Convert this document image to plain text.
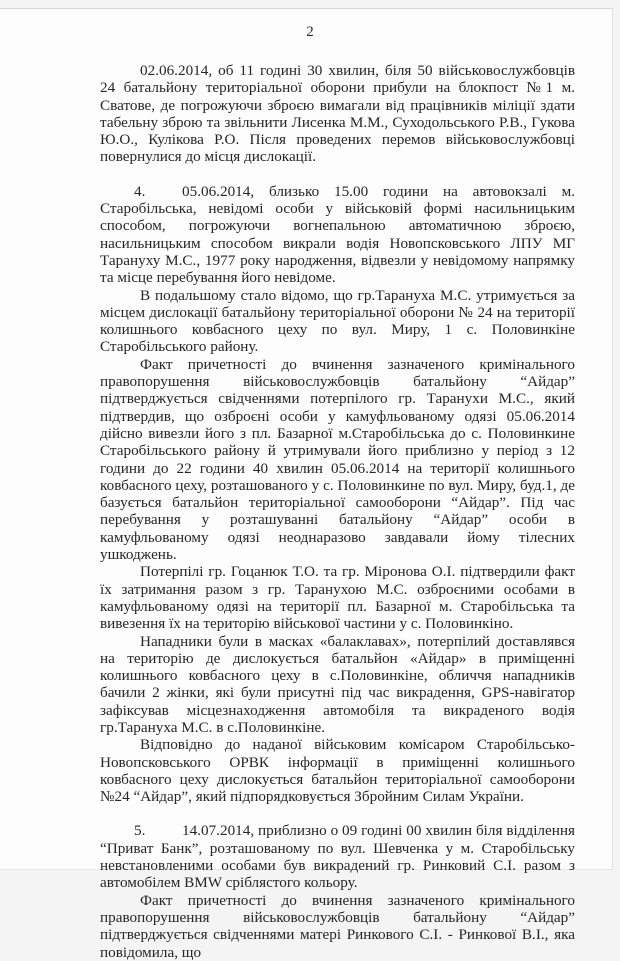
2

02.06.2014, об 11 годині 30 хвилин, біля 50 військовослужбовців 24 батальйону територіальної оборони прибули на блокпост №1 м. Сватове, де погрожуючи зброєю вимагали від працівників міліції здати табельну зброю та звільнити Лисенка М.М., Суходольського Р.В., Гукова Ю.О., Кулікова Р.О. Після проведених перемов військовослужбовці повернулися до місця дислокації.

4. 05.06.2014, близько 15.00 години на автовокзалі м. Старобільська, невідомі особи у військовій формі насильницьким способом, погрожуючи вогнепальною автоматичною зброєю, насильницьким способом викрали водія Новопсковського ЛПУ МГ Тарануху М.С., 1977 року народження, відвезли у невідомому напрямку та місце перебування його невідоме.

В подальшому стало відомо, що гр.Тарануха М.С. утримується за місцем дислокації батальйону територіальної оборони № 24 на території колишнього ковбасного цеху по вул. Миру, 1 с. Половинкіне Старобільського району.

Факт причетності до вчинення зазначеного кримінального правопорушення військовослужбовців батальйону “Айдар” підтверджується свідченнями потерпілого гр. Таранухи М.С., який підтвердив, що озброєні особи у камуфльованому одязі 05.06.2014 дійсно вивезли його з пл. Базарної м.Старобільська до с. Половинкине Старобільського району й утримували його приблизно у період з 12 години до 22 години 40 хвилин 05.06.2014 на території колишнього ковбасного цеху, розташованого у с. Половинкине по вул. Миру, буд.1, де базується батальйон територіальної самооборони “Айдар”. Під час перебування у розташуванні батальйону “Айдар” особи в камуфльованому одязі неоднаразово завдавали йому тілесних ушкоджень.

Потерпілі гр. Гоцанюк Т.О. та гр. Міронова О.І. підтвердили факт їх затримання разом з гр. Таранухою М.С. озброєними особами в камуфльованому одязі на території пл. Базарної м. Старобільська та вивезення їх на територію військової частини у с. Половинкіно.

Нападники були в масках «балаклавах», потерпілий доставлявся на територію де дислокується батальйон «Айдар» в приміщенні колишнього ковбасного цеху в с.Половинкіне, обличчя нападників бачили 2 жінки, які були присутні під час викрадення, GPS-навігатор зафіксував місцезнаходження автомобіля та викраденого водія гр.Тарануха М.С. в с.Половинкіне.

Відповідно до наданої військовим комісаром Старобільсько-Новопсковського ОРВК інформації в приміщенні колишнього ковбасного цеху дислокується батальйон територіальної самооборони №24 “Айдар”, який підпорядковується Збройним Силам України.

5. 14.07.2014, приблизно о 09 годині 00 хвилин біля відділення “Приват Банк”, розташованому по вул. Шевченка у м. Старобільську невстановленими особами був викрадений гр. Ринковий С.І. разом з автомобілем BMW сріблястого кольору.

Факт причетності до вчинення зазначеного кримінального правопорушення військовослужбовців батальйону “Айдар” підтверджується свідченнями матері Ринкового С.І. - Ринкової В.І., яка повідомила, що
